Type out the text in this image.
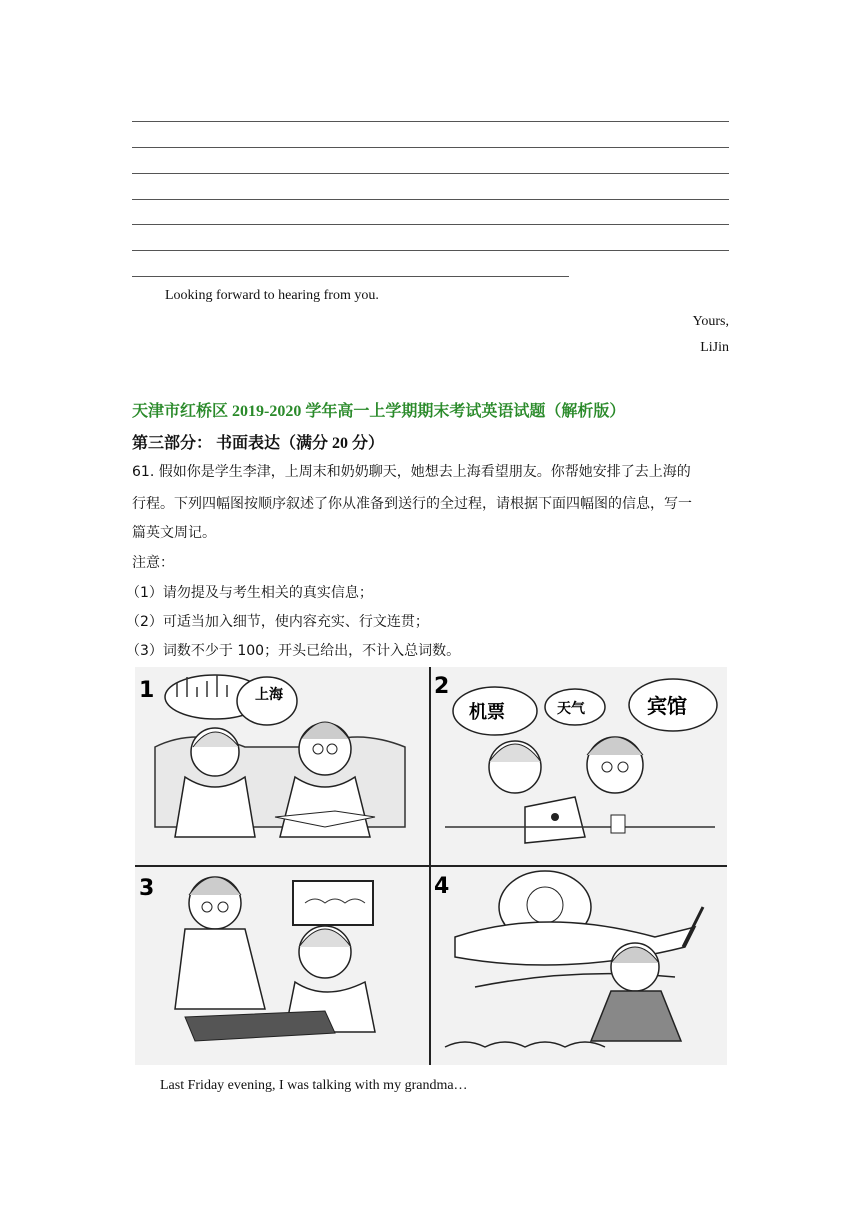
Looking forward to hearing from you.
Yours,
LiJin
天津市红桥区 2019-2020 学年高一上学期期末考试英语试题（解析版）
第三部分： 书面表达（满分 20 分）
61. 假如你是学生李津，上周末和奶奶聊天，她想去上海看望朋友。你帮她安排了去上海的
行程。下列四幅图按顺序叙述了你从准备到送行的全过程，请根据下面四幅图的信息，写一
篇英文周记。
注意：
（1）请勿提及与考生相关的真实信息；
（2）可适当加入细节，使内容充实、行文连贯；
（3）词数不少于 100；开头已给出，不计入总词数。
1	上海	2
机票	天气	宾馆
3	4
Last Friday evening, I was talking with my grandma…
